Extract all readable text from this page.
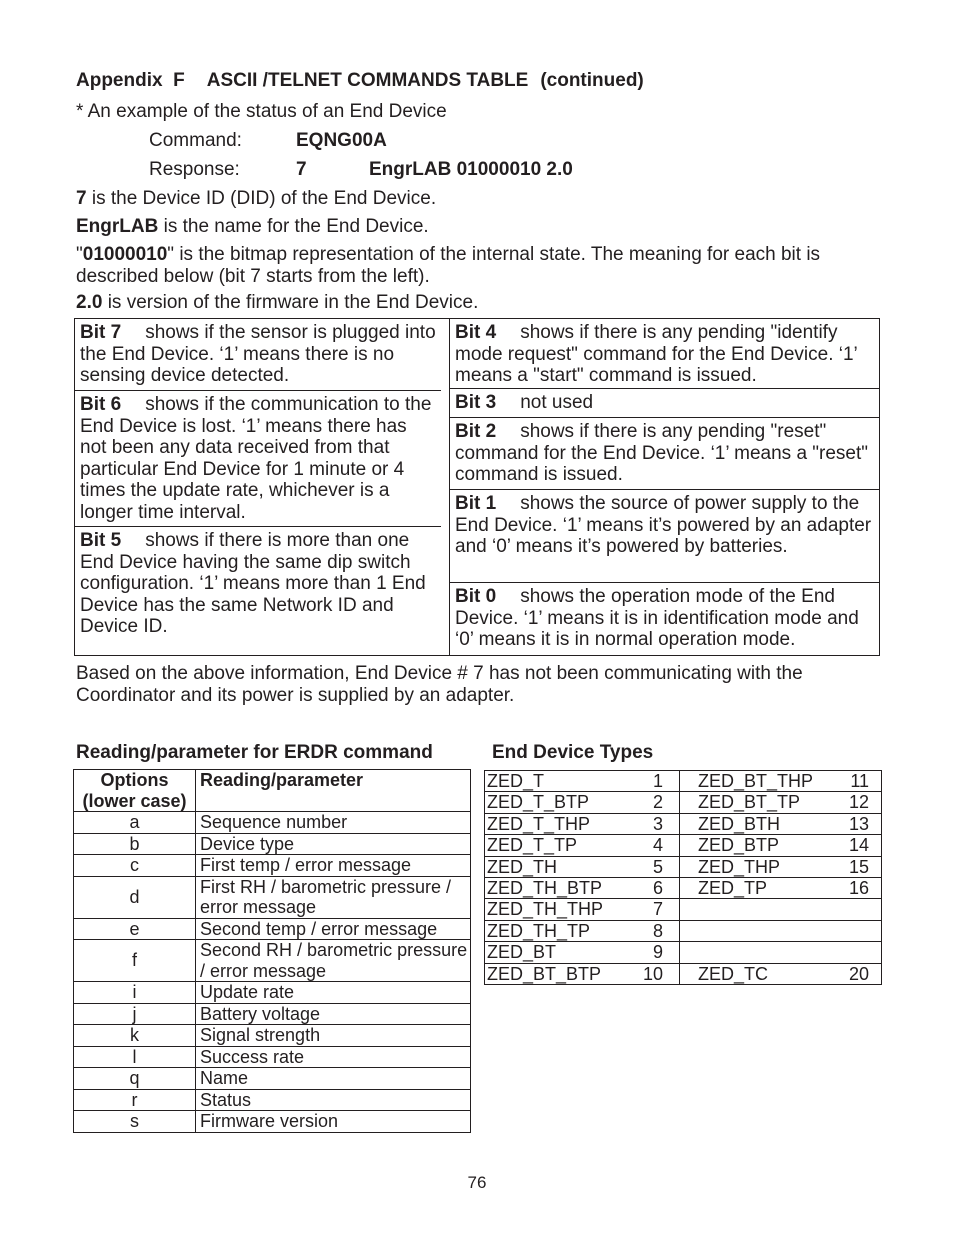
Appendix  F ASCII /TELNET COMMANDS TABLE (continued)
* An example of the status of an End Device
Command:	EQNG00A
Response:	7	EngrLAB 01000010 2.0
7 is the Device ID (DID) of the End Device.
EngrLAB is the name for the End Device.
"01000010" is the bitmap representation of the internal state. The meaning for each bit is described below (bit 7 starts from the left).
2.0 is version of the firmware in the End Device.
Bit 7 shows if the sensor is plugged into the End Device. ‘1’ means there is no sensing device detected.
Bit 6 shows if the communication to the End Device is lost. ‘1’ means there has not been any data received from that particular End Device for 1 minute or 4 times the update rate, whichever is a longer time interval.
Bit 5 shows if there is more than one End Device having the same dip switch configuration. ‘1’ means more than 1 End Device has the same Network ID and Device ID.
Bit 4 shows if there is any pending "identify mode request" command for the End Device. ‘1’ means a "start" command is issued.
Bit 3 not used
Bit 2 shows if there is any pending "reset" command for the End Device. ‘1’ means a "reset" command is issued.
Bit 1 shows the source of power supply to the End Device. ‘1’ means it’s powered by an adapter and ‘0’ means it’s powered by batteries.
Bit 0 shows the operation mode of the End Device. ‘1’ means it is in identification mode and ‘0’ means it is in normal operation mode.
Based on the above information, End Device # 7 has not been communicating with the Coordinator and its power is supplied by an adapter.
Reading/parameter for ERDR command	End Device Types
Options
(lower case)	Reading/parameter
a	Sequence number
b	Device type
c	First temp / error message
d	First RH / barometric pressure / error message
e	Second temp / error message
f	Second RH / barometric pressure / error message
i	Update rate
j	Battery voltage
k	Signal strength
l	Success rate
q	Name
r	Status
s	Firmware version
ZED_T	1	ZED_BT_THP	11
ZED_T_BTP	2	ZED_BT_TP	12
ZED_T_THP	3	ZED_BTH	13
ZED_T_TP	4	ZED_BTP	14
ZED_TH	5	ZED_THP	15
ZED_TH_BTP	6	ZED_TP	16
ZED_TH_THP	7		
ZED_TH_TP	8		
ZED_BT	9		
ZED_BT_BTP	10	ZED_TC	20
76
